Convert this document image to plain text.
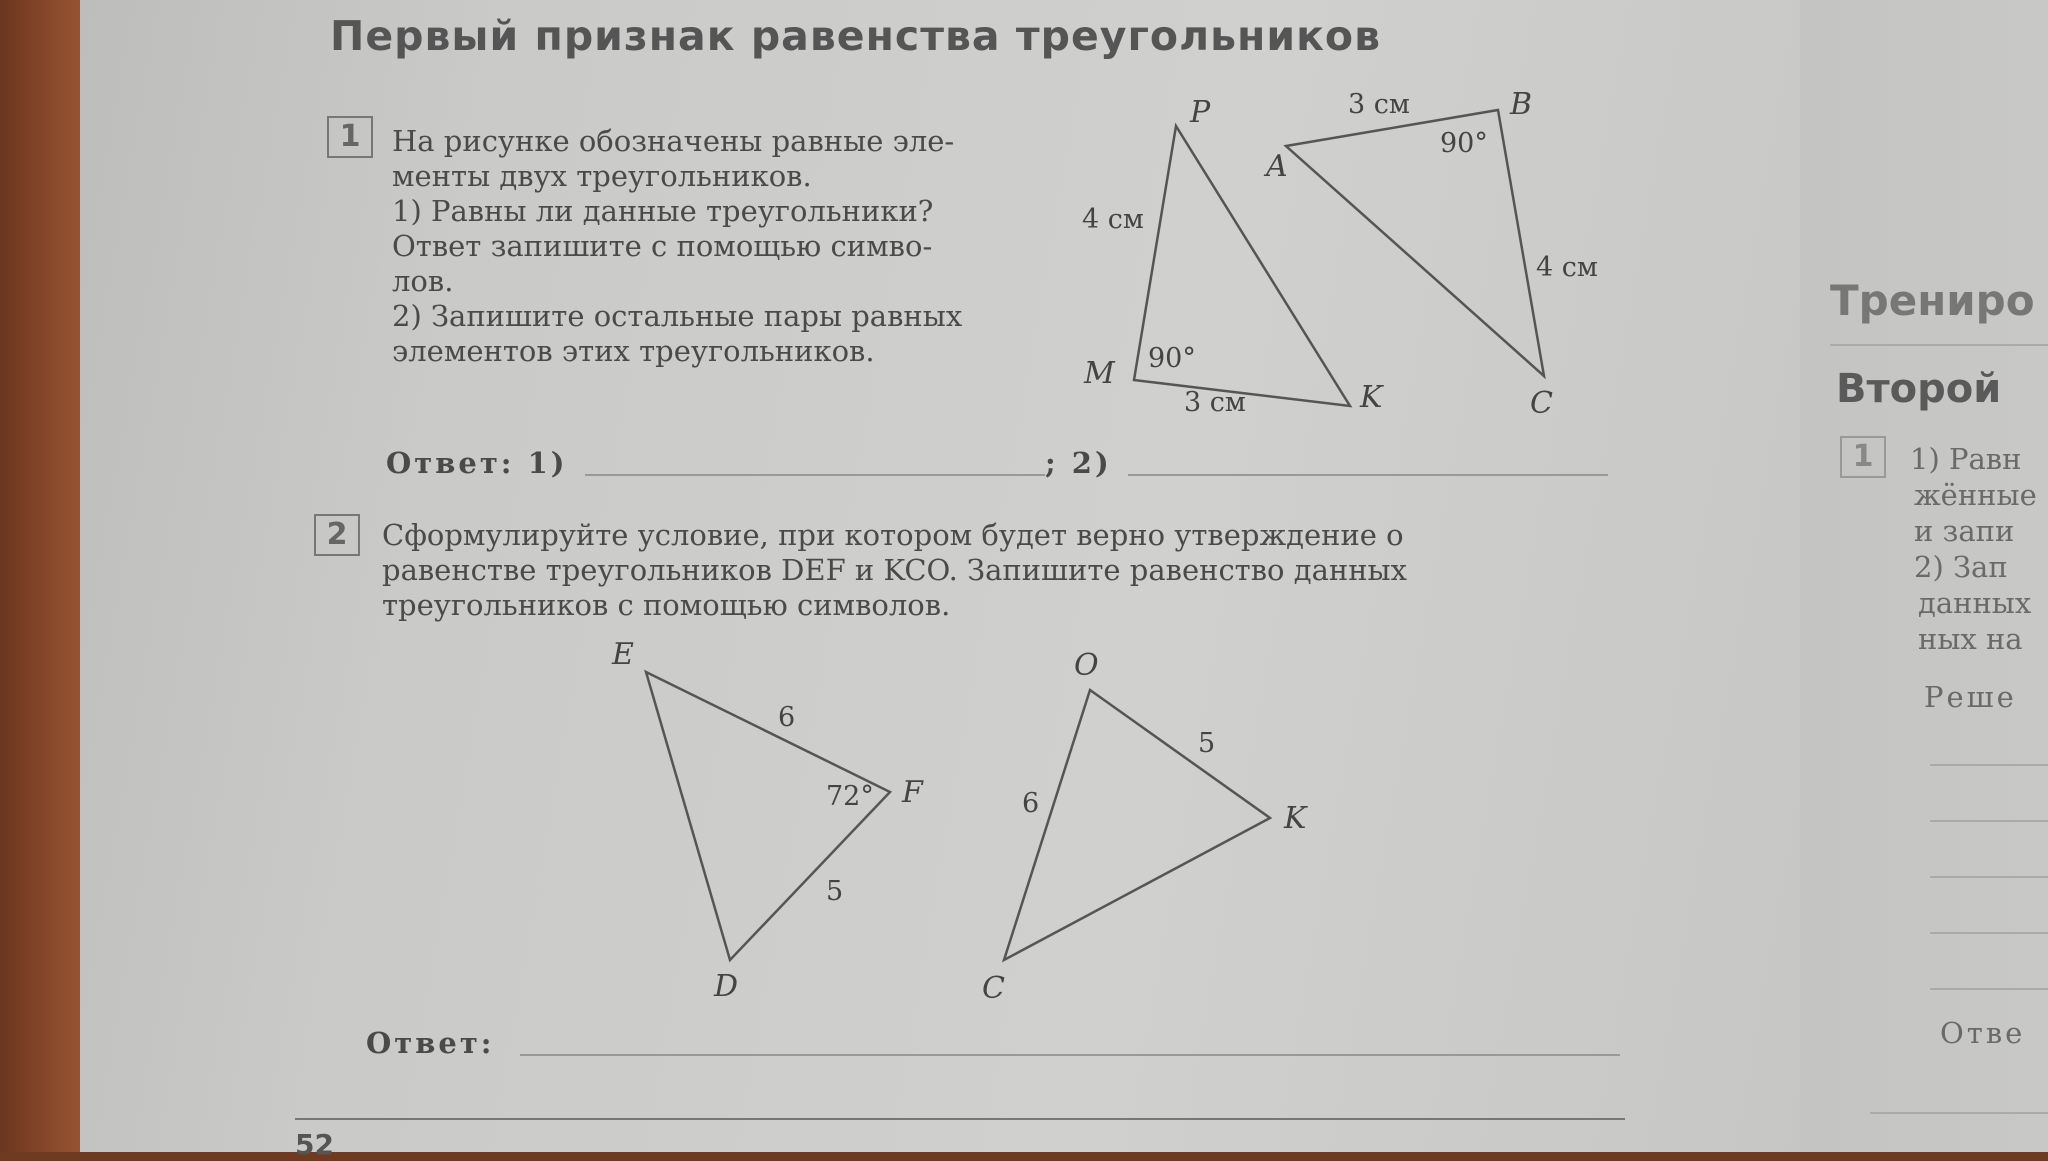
Первый признак равенства треугольников
1	На рисунке обозначены равные эле-
менты двух треугольников.
1) Равны ли данные треугольники?
Ответ запишите с помощью симво-
лов.
2) Запишите остальные пары равных
элементов этих треугольников.
P
M
K
A
B
C
4 см
3 см
90°
3 см
4 см
90°
Ответ: 1)	; 2)
2	Сформулируйте условие, при котором будет верно утверждение о
равенстве треугольников DEF и KCO. Запишите равенство данных
треугольников с помощью символов.
E
F
D
O
K
C
6
5
72°
5
6
Ответ:
52
Трениро
Второй
1	1) Равн
жённые
и запи
2) Зап
данных
ных на
Реше
Отве
